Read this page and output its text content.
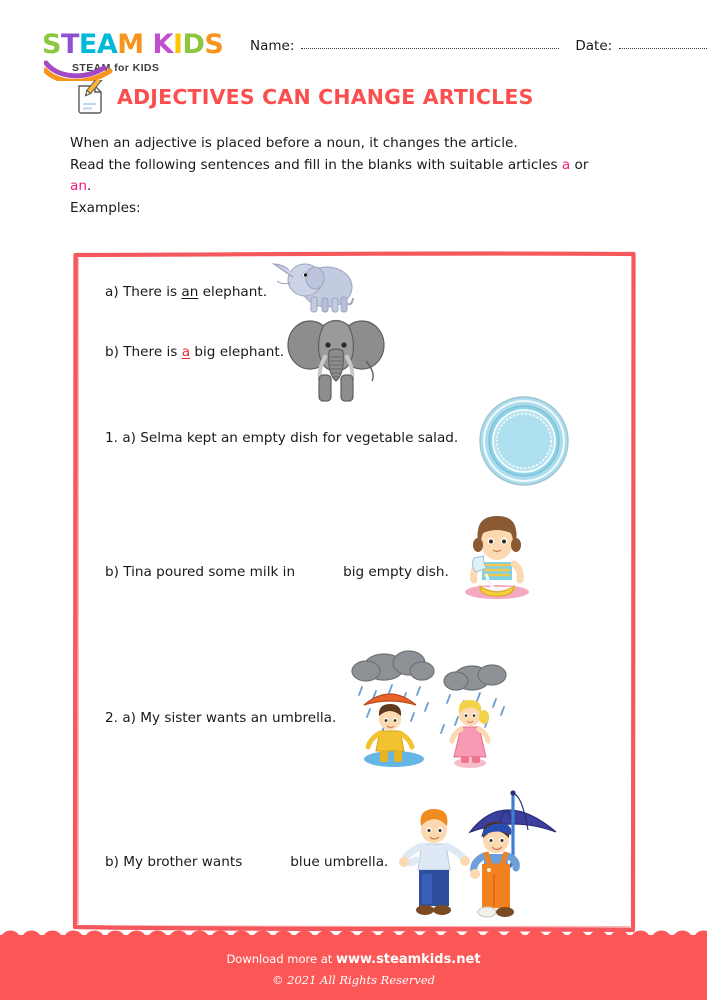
STEAM KIDS
STEAM for KIDS
Name:	Date:
ADJECTIVES CAN CHANGE ARTICLES
When an adjective is placed before a noun, it changes the article.
Read the following sentences and fill in the blanks with suitable articles a or
an.
Examples:
a) There is an elephant.
b) There is a big elephant.
1. a) Selma kept an empty dish for vegetable salad.
b) Tina poured some milk in	big empty dish.
2. a) My sister wants an umbrella.
b) My brother wants	blue umbrella.
Download more at www.steamkids.net
© 2021 All Rights Reserved
